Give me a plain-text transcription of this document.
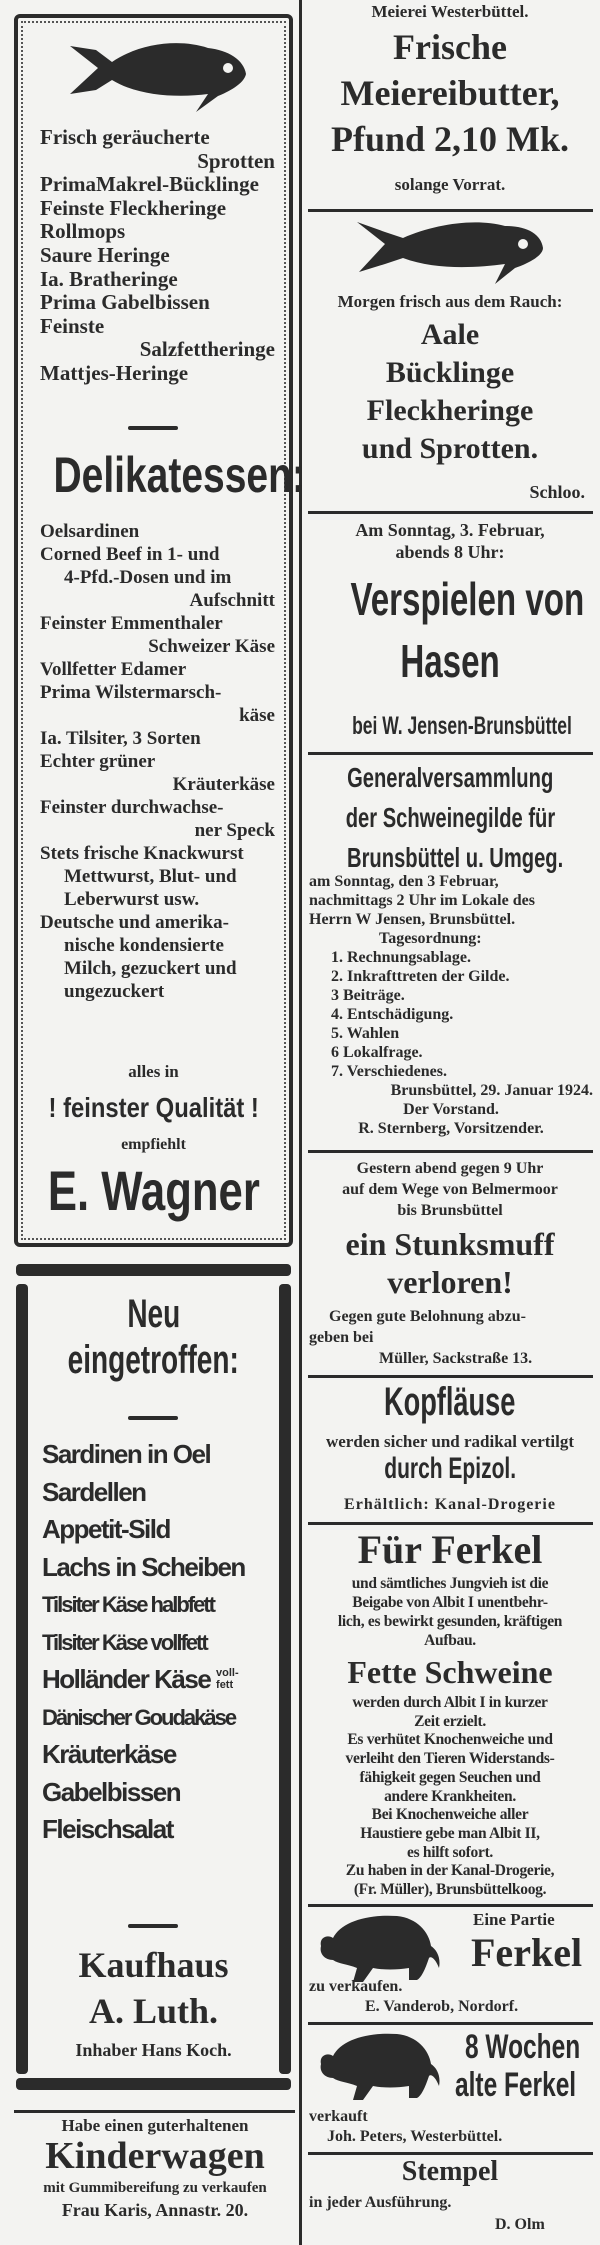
Frisch geräucherte
Sprotten
PrimaMakrel-Bücklinge
Feinste Fleckheringe
Rollmops
Saure Heringe
Ia. Bratheringe
Prima Gabelbissen
Feinste
Salzfettheringe
Mattjes-Heringe
Delikatessen:
Oelsardinen
Corned Beef in 1- und
4-Pfd.-Dosen und im
Aufschnitt
Feinster Emmenthaler
Schweizer Käse
Vollfetter Edamer
Prima Wilstermarsch-
käse
Ia. Tilsiter, 3 Sorten
Echter grüner
Kräuterkäse
Feinster durchwachse-
ner Speck
Stets frische Knackwurst
Mettwurst, Blut- und
Leberwurst usw.
Deutsche und amerika-
nische kondensierte
Milch, gezuckert und
ungezuckert
alles in
! feinster Qualität !
empfiehlt
E. Wagner
Neu
eingetroffen:
Sardinen in Oel
Sardellen
Appetit-Sild
Lachs in Scheiben
Tilsiter Käse halbfett
Tilsiter Käse vollfett
Holländer Käse voll-fett
Dänischer Goudakäse
Kräuterkäse
Gabelbissen
Fleischsalat
Kaufhaus
A. Luth.
Inhaber Hans Koch.
Habe einen guterhaltenen
Kinderwagen
mit Gummibereifung zu verkaufen
Frau Karis, Annastr. 20.
Meierei Westerbüttel.
Frische
Meiereibutter,
Pfund 2,10 Mk.
solange Vorrat.
Morgen frisch aus dem Rauch:
Aale
Bücklinge
Fleckheringe
und Sprotten.
Schloo.
Am Sonntag, 3. Februar,
abends 8 Uhr:
Verspielen von
Hasen
bei W. Jensen-Brunsbüttel
Generalversammlung
der Schweinegilde für
Brunsbüttel u. Umgeg.
am Sonntag, den 3 Februar,
nachmittags 2 Uhr im Lokale des
Herrn W Jensen, Brunsbüttel.
Tagesordnung:
1. Rechnungsablage.
2. Inkrafttreten der Gilde.
3 Beiträge.
4. Entschädigung.
5. Wahlen
6 Lokalfrage.
7. Verschiedenes.
Brunsbüttel, 29. Januar 1924.
Der Vorstand.
R. Sternberg, Vorsitzender.
Gestern abend gegen 9 Uhr
auf dem Wege von Belmermoor
bis Brunsbüttel
ein Stunksmuff
verloren!
Gegen gute Belohnung abzu-
geben bei
Müller, Sackstraße 13.
Kopfläuse
werden sicher und radikal vertilgt
durch Epizol.
Erhältlich: Kanal-Drogerie
Für Ferkel
und sämtliches Jungvieh ist die
Beigabe von Albit I unentbehr-
lich, es bewirkt gesunden, kräftigen
Aufbau.
Fette Schweine
werden durch Albit I in kurzer
Zeit erzielt.
Es verhütet Knochenweiche und
verleiht den Tieren Widerstands-
fähigkeit gegen Seuchen und
andere Krankheiten.
Bei Knochenweiche aller
Haustiere gebe man Albit II,
es hilft sofort.
Zu haben in der Kanal-Drogerie,
(Fr. Müller), Brunsbüttelkoog.
Eine Partie
Ferkel
zu verkaufen.
E. Vanderob, Nordorf.
8 Wochen
alte Ferkel
verkauft
Joh. Peters, Westerbüttel.
Stempel
in jeder Ausführung.
D. Olm
